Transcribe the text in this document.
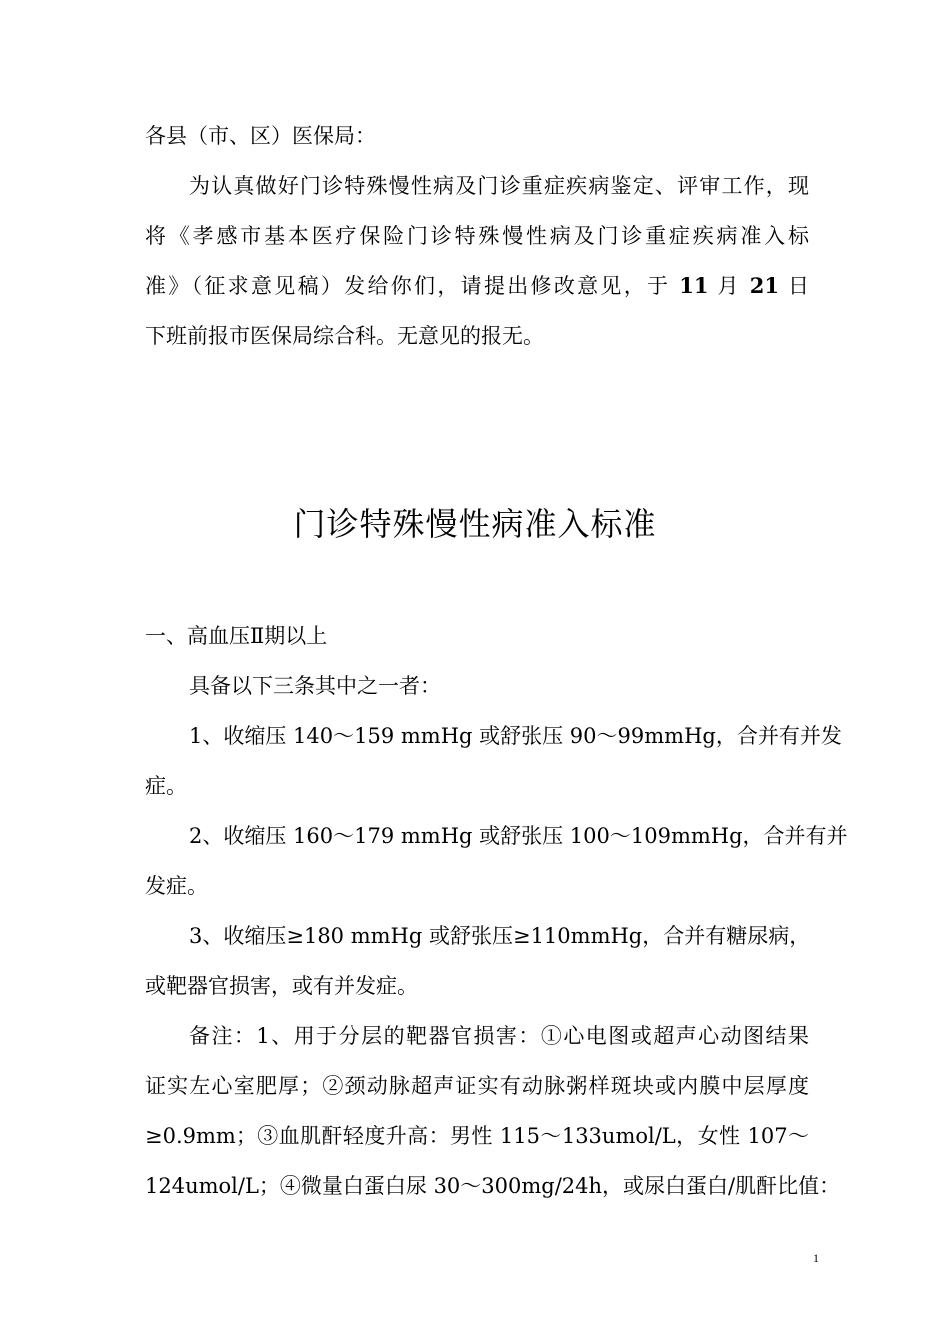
各县（市、区）医保局：
为认真做好门诊特殊慢性病及门诊重症疾病鉴定、评审工作，现
将《孝感市基本医疗保险门诊特殊慢性病及门诊重症疾病准入标
准》（征求意见稿）发给你们，请提出修改意见，于 11 月 21 日
下班前报市医保局综合科。无意见的报无。
门诊特殊慢性病准入标准
一、高血压Ⅱ期以上
具备以下三条其中之一者：
1、收缩压 140～159 mmHg 或舒张压 90～99mmHg，合并有并发
症。
2、收缩压 160～179 mmHg 或舒张压 100～109mmHg，合并有并
发症。
3、收缩压≥180 mmHg 或舒张压≥110mmHg，合并有糖尿病，
或靶器官损害，或有并发症。
备注：1、用于分层的靶器官损害：①心电图或超声心动图结果
证实左心室肥厚；②颈动脉超声证实有动脉粥样斑块或内膜中层厚度
≥0.9mm；③血肌酐轻度升高：男性 115～133umol/L，女性 107～
124umol/L；④微量白蛋白尿 30～300mg/24h，或尿白蛋白/肌酐比值：
1
